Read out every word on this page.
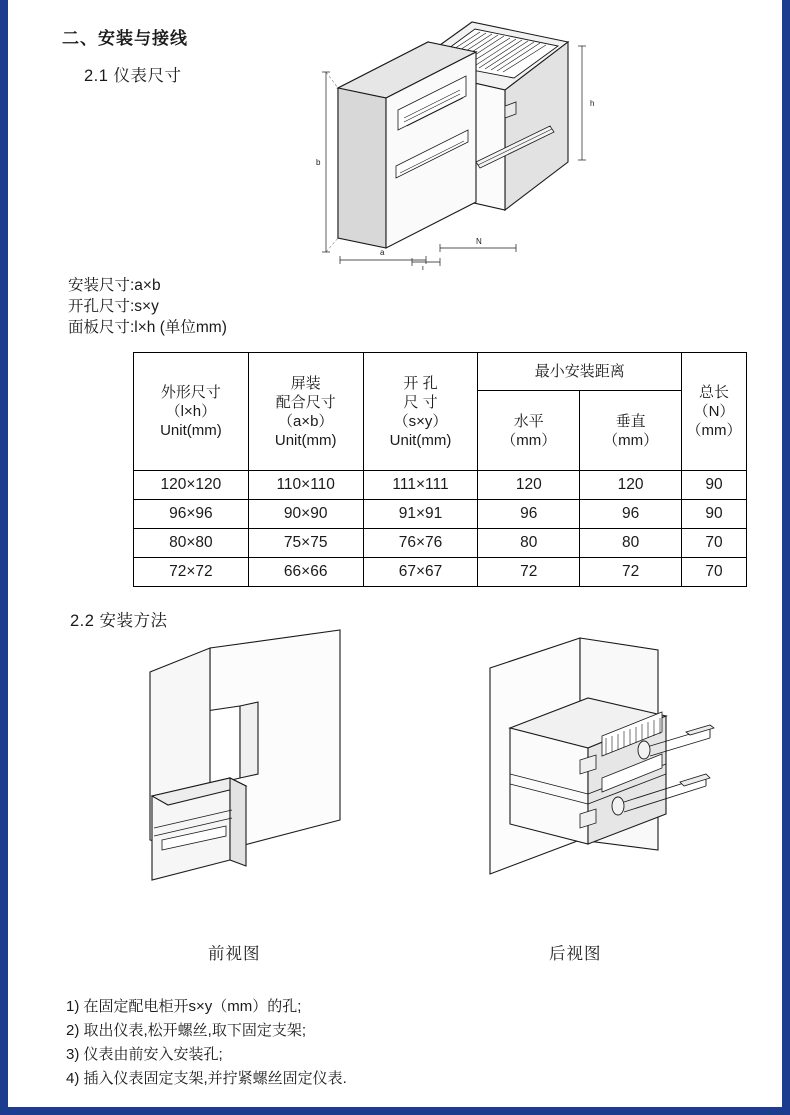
二、安装与接线
2.1 仪表尺寸
b
a
h
N
l
安装尺寸:a×b
开孔尺寸:s×y
面板尺寸:l×h (单位mm)
外形尺寸
（l×h）
Unit(mm)

屏装
配合尺寸
（a×b）
Unit(mm)

开 孔
尺 寸
（s×y）
Unit(mm)
	最小安装距离	
总长
（N）
（mm）

水平
（mm）

垂直
（mm）

120×120	110×110	111×111	120	120	90
96×96	90×90	91×91	96	96	90
80×80	75×75	76×76	80	80	70
72×72	66×66	67×67	72	72	70
2.2 安装方法
前视图	后视图
1) 在固定配电柜开s×y（mm）的孔;
2) 取出仪表,松开螺丝,取下固定支架;
3) 仪表由前安入安装孔;
4) 插入仪表固定支架,并拧紧螺丝固定仪表.
